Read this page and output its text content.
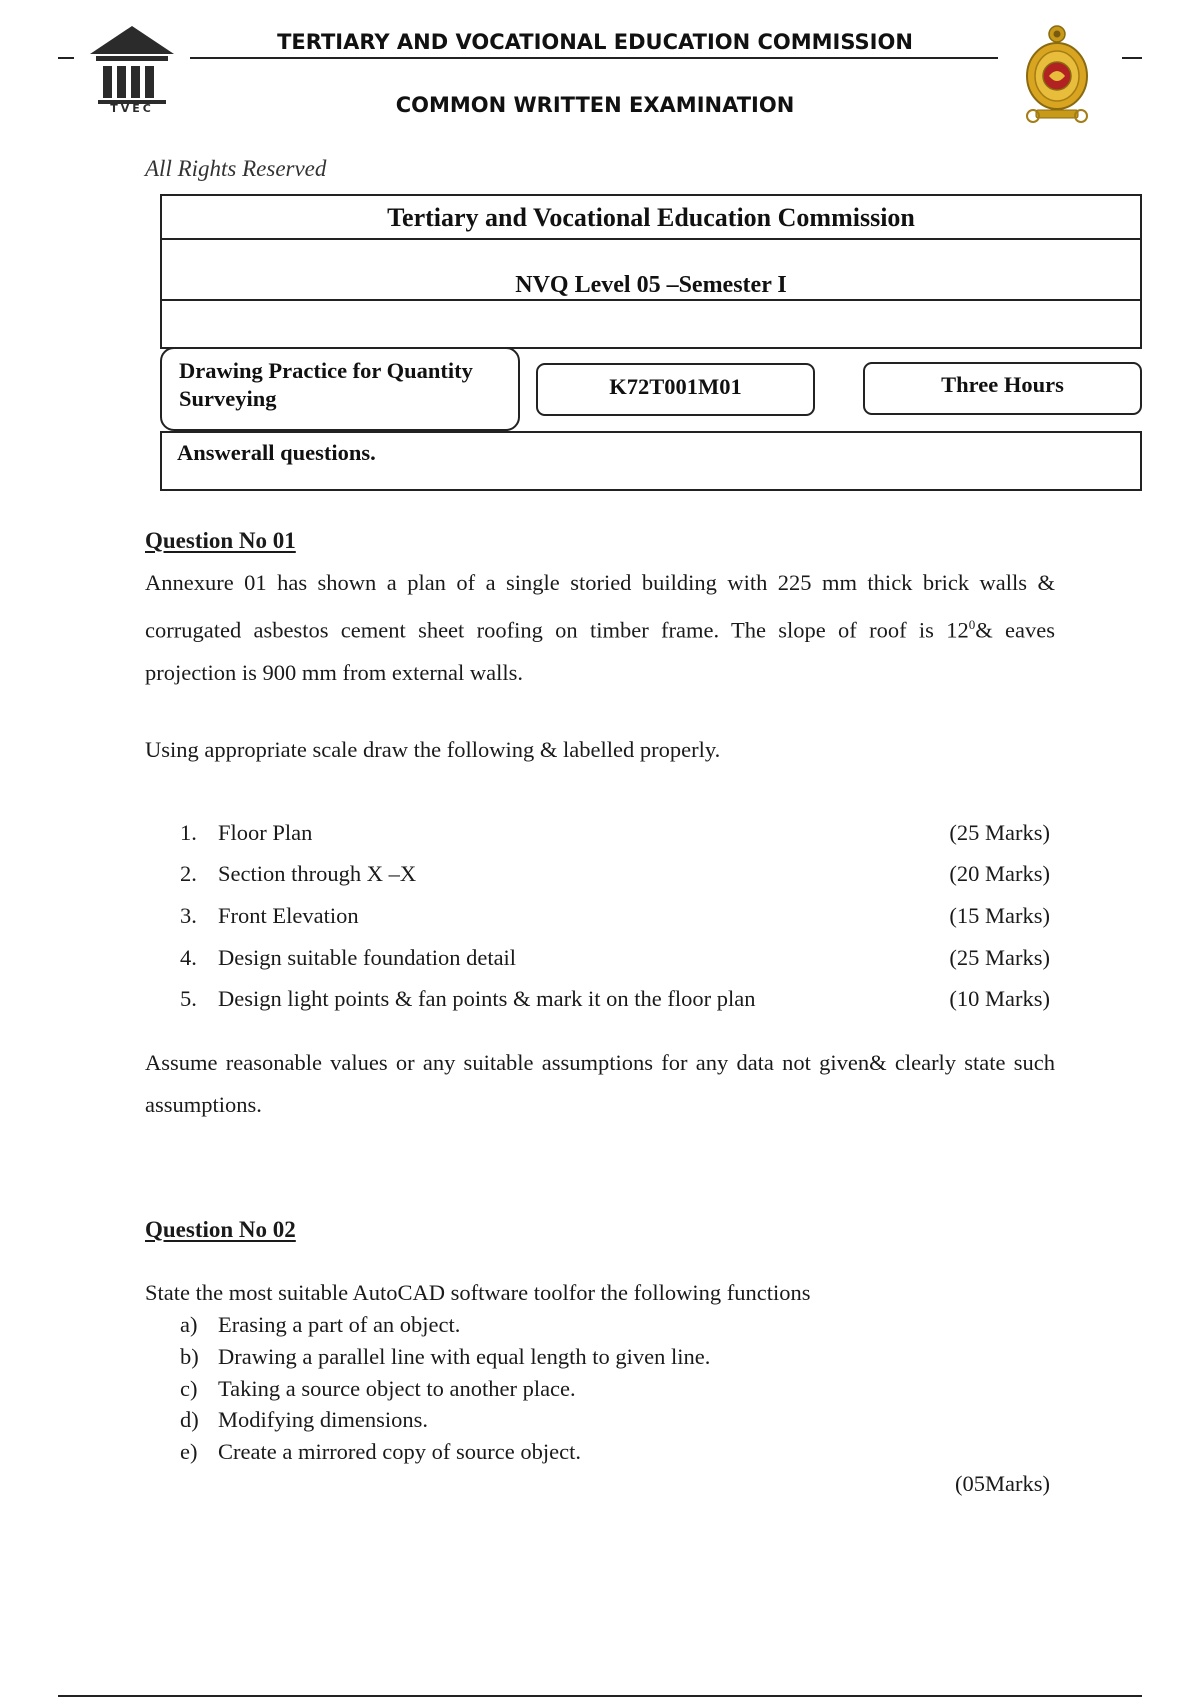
TVEC
TERTIARY AND VOCATIONAL EDUCATION COMMISSION
COMMON WRITTEN EXAMINATION
All Rights Reserved
Tertiary and Vocational Education Commission
NVQ Level 05 –Semester I
Drawing Practice for Quantity
Surveying	K72T001M01	Three Hours
Answerall questions.
Question No 01
Annexure 01 has shown a plan of a single storied building with 225 mm thick brick walls & corrugated asbestos cement sheet roofing on timber frame. The slope of roof is $12^0\&$ eaves projection is 900 mm from external walls.
Using appropriate scale draw the following & labelled properly.
1. Floor Plan	(25 Marks)
2. Section through X –X	(20 Marks)
3. Front Elevation	(15 Marks)
4. Design suitable foundation detail	(25 Marks)
5. Design light points & fan points & mark it on the floor plan	(10 Marks)
Assume reasonable values or any suitable assumptions for any data not given& clearly state such assumptions.
Question No 02
State the most suitable AutoCAD software toolfor the following functions
a) Erasing a part of an object.
b) Drawing a parallel line with equal length to given line.
c) Taking a source object to another place.
d) Modifying dimensions.
e) Create a mirrored copy of source object.
(05Marks)
